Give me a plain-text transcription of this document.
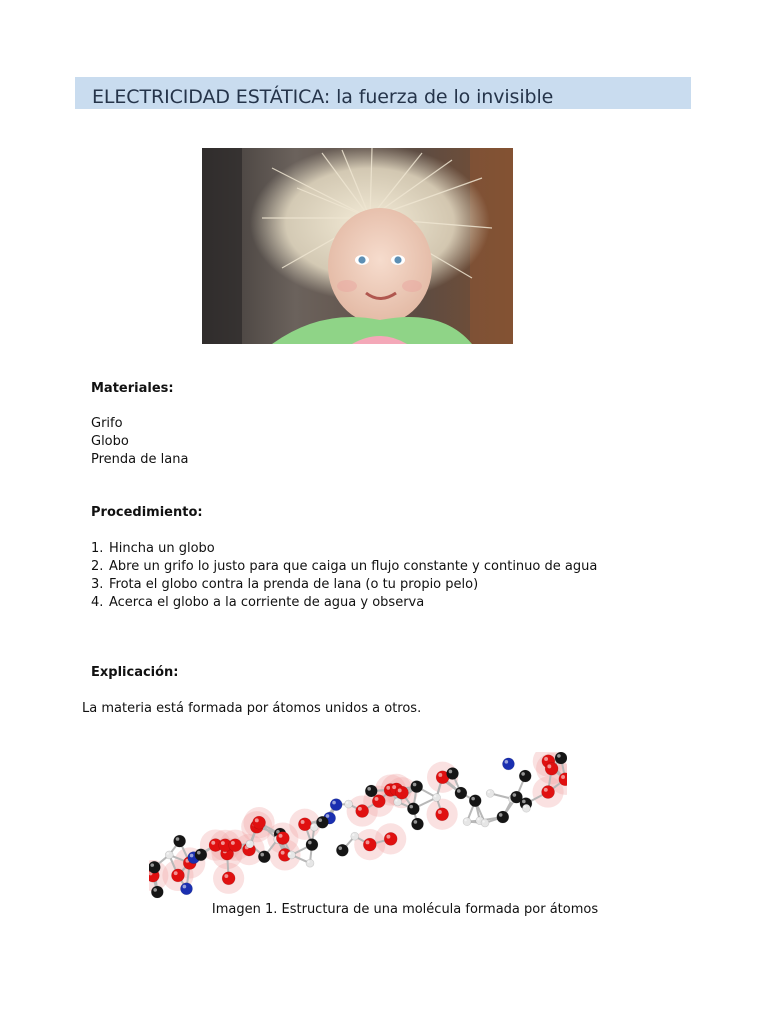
ELECTRICIDAD ESTÁTICA: la fuerza de lo invisible
Materiales:
Grifo
Globo
Prenda de lana
Procedimiento:
1. Hincha un globo
2. Abre un grifo lo justo para que caiga un flujo constante y continuo de agua
3. Frota el globo contra la prenda de lana (o tu propio pelo)
4. Acerca el globo a la corriente de agua y observa
Explicación:
La materia está formada por átomos unidos a otros.
Imagen 1. Estructura de una molécula formada por átomos
